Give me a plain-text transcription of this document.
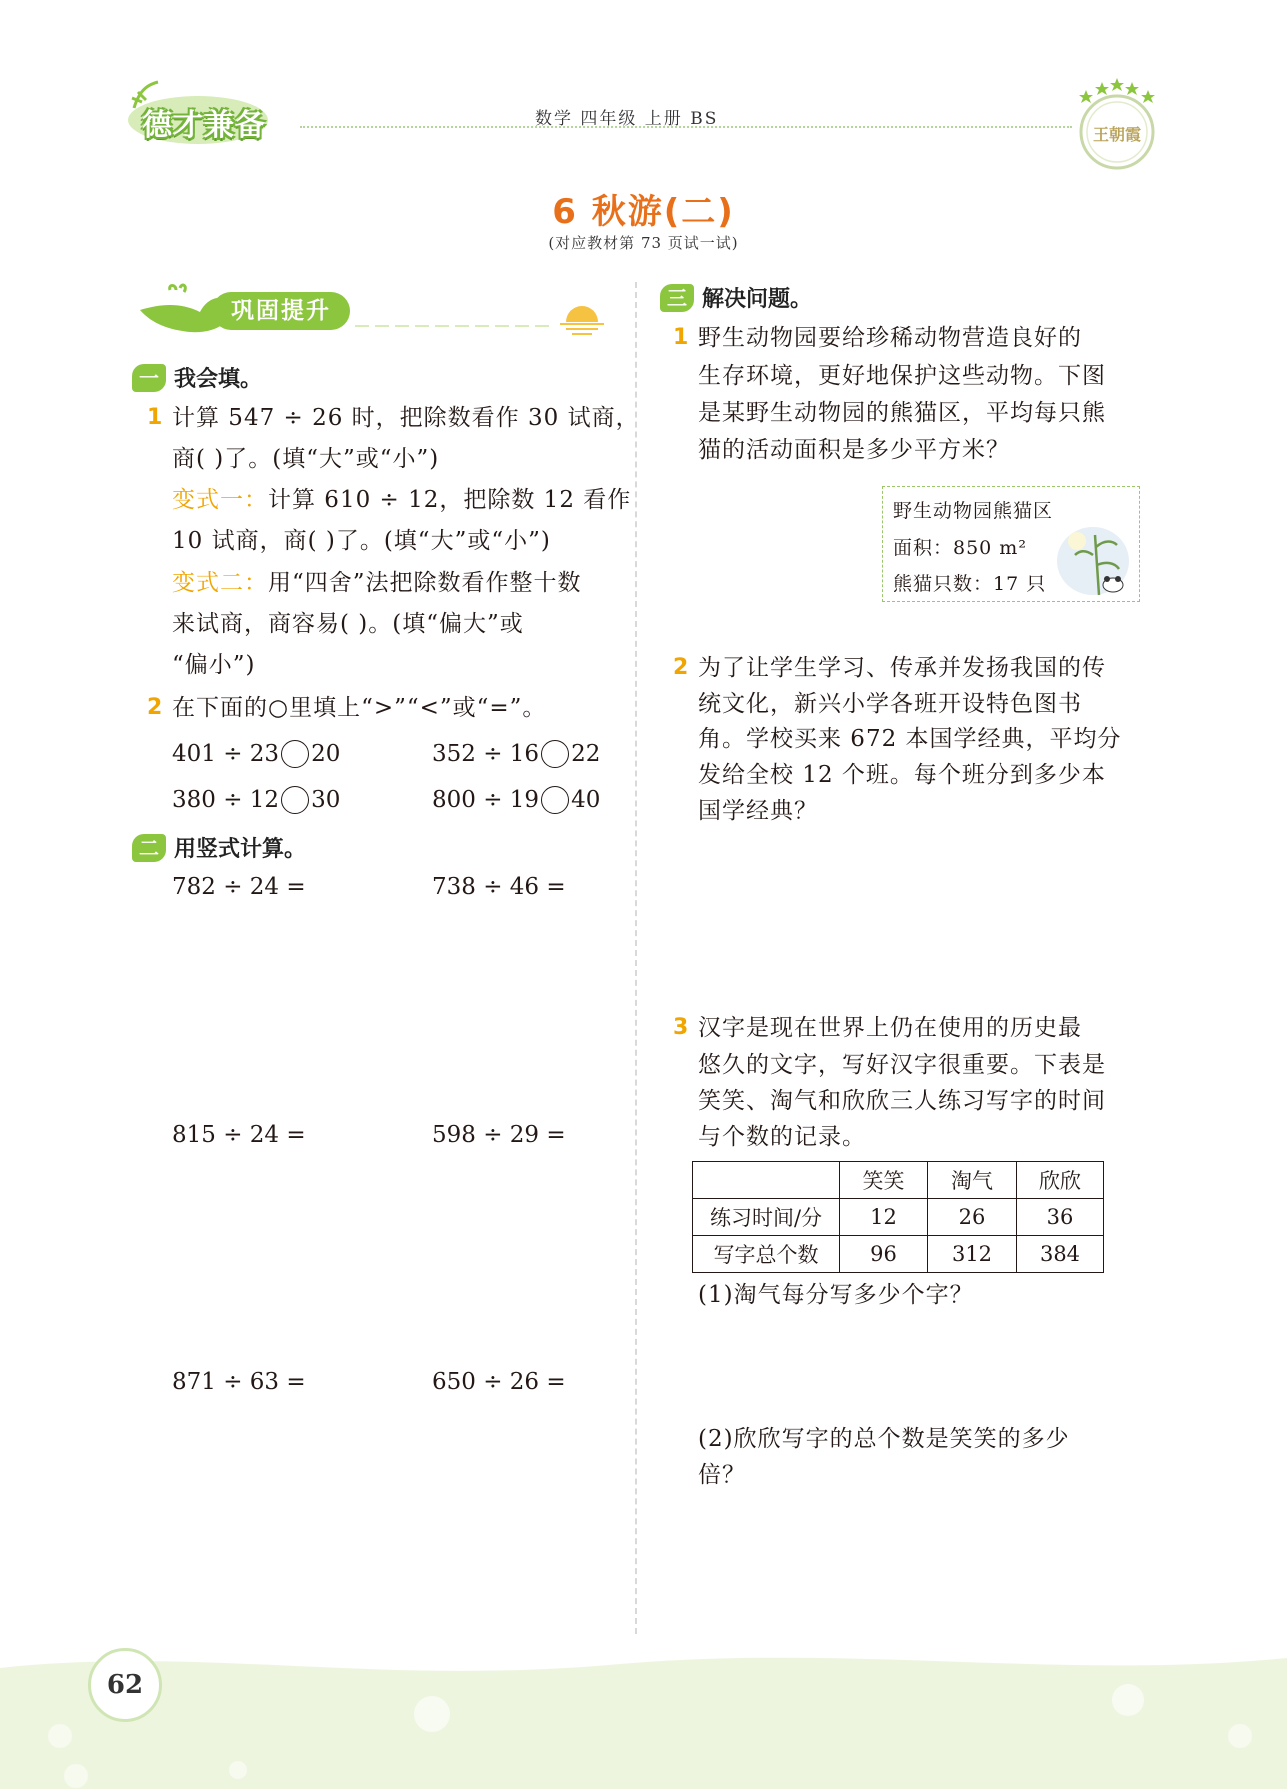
德才兼备	数学 四年级 上册 BS
王朝霞
6 秋游(二)
(对应教材第 73 页试一试)
巩固提升
一 我会填。
1 计算 547 ÷ 26 时，把除数看作 30 试商，
商( )了。(填“大”或“小”)
变式一：计算 610 ÷ 12，把除数 12 看作
10 试商，商( )了。(填“大”或“小”)
变式二：用“四舍”法把除数看作整十数
来试商，商容易( )。(填“偏大”或
“偏小”)
2 在下面的○里填上“>”“<”或“=”。
401 ÷ 23 20	352 ÷ 16 22
380 ÷ 12 30	800 ÷ 19 40
二 用竖式计算。
782 ÷ 24 =	738 ÷ 46 =
815 ÷ 24 =	598 ÷ 29 =
871 ÷ 63 =	650 ÷ 26 =
三 解决问题。
1 野生动物园要给珍稀动物营造良好的
生存环境，更好地保护这些动物。下图
是某野生动物园的熊猫区，平均每只熊
猫的活动面积是多少平方米？
野生动物园熊猫区
面积：850 m²
熊猫只数：17 只
2 为了让学生学习、传承并发扬我国的传
统文化，新兴小学各班开设特色图书
角。学校买来 672 本国学经典，平均分
发给全校 12 个班。每个班分到多少本
国学经典？
3 汉字是现在世界上仍在使用的历史最
悠久的文字，写好汉字很重要。下表是
笑笑、淘气和欣欣三人练习写字的时间
与个数的记录。
	笑笑	淘气	欣欣
练习时间/分	12	26	36
写字总个数	96	312	384
(1)淘气每分写多少个字？
(2)欣欣写字的总个数是笑笑的多少
倍？
62
